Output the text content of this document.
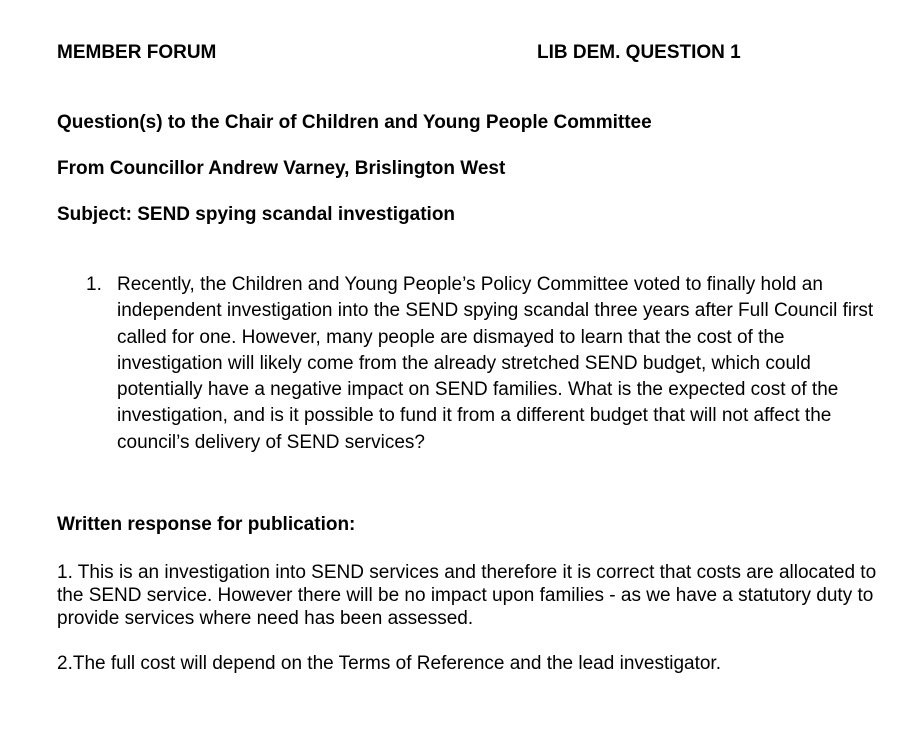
MEMBER FORUM	LIB DEM. QUESTION 1
Question(s) to the Chair of Children and Young People Committee
From Councillor Andrew Varney, Brislington West
Subject: SEND spying scandal investigation
1. Recently, the Children and Young People’s Policy Committee voted to finally hold an independent investigation into the SEND spying scandal three years after Full Council first called for one. However, many people are dismayed to learn that the cost of the investigation will likely come from the already stretched SEND budget, which could potentially have a negative impact on SEND families. What is the expected cost of the investigation, and is it possible to fund it from a different budget that will not affect the council’s delivery of SEND services?
Written response for publication:

1. This is an investigation into SEND services and therefore it is correct that costs are allocated to the SEND service. However there will be no impact upon families - as we have a statutory duty to provide services where need has been assessed.

2.The full cost will depend on the Terms of Reference and the lead investigator.
